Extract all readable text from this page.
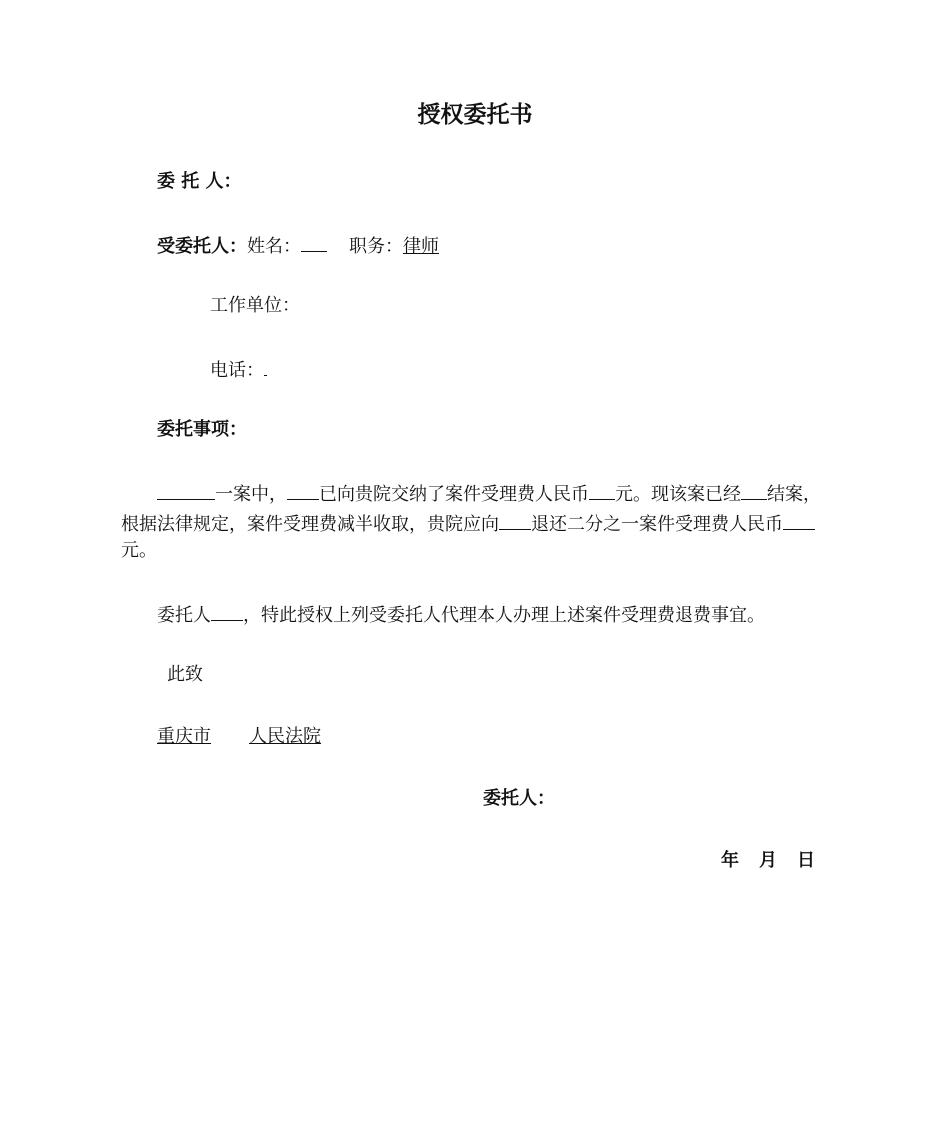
授权委托书
委 托 人：
受委托人：姓名：	职务：律师
工作单位：
电话：
委托事项：
一案中， 已向贵院交纳了案件受理费人民币 元。现该案已经 结案，
根据法律规定，案件受理费减半收取，贵院应向 退还二分之一案件受理费人民币
元。
委托人 ，特此授权上列受委托人代理本人办理上述案件受理费退费事宜。
此致
重庆市 人民法院
委托人：
年 月 日
